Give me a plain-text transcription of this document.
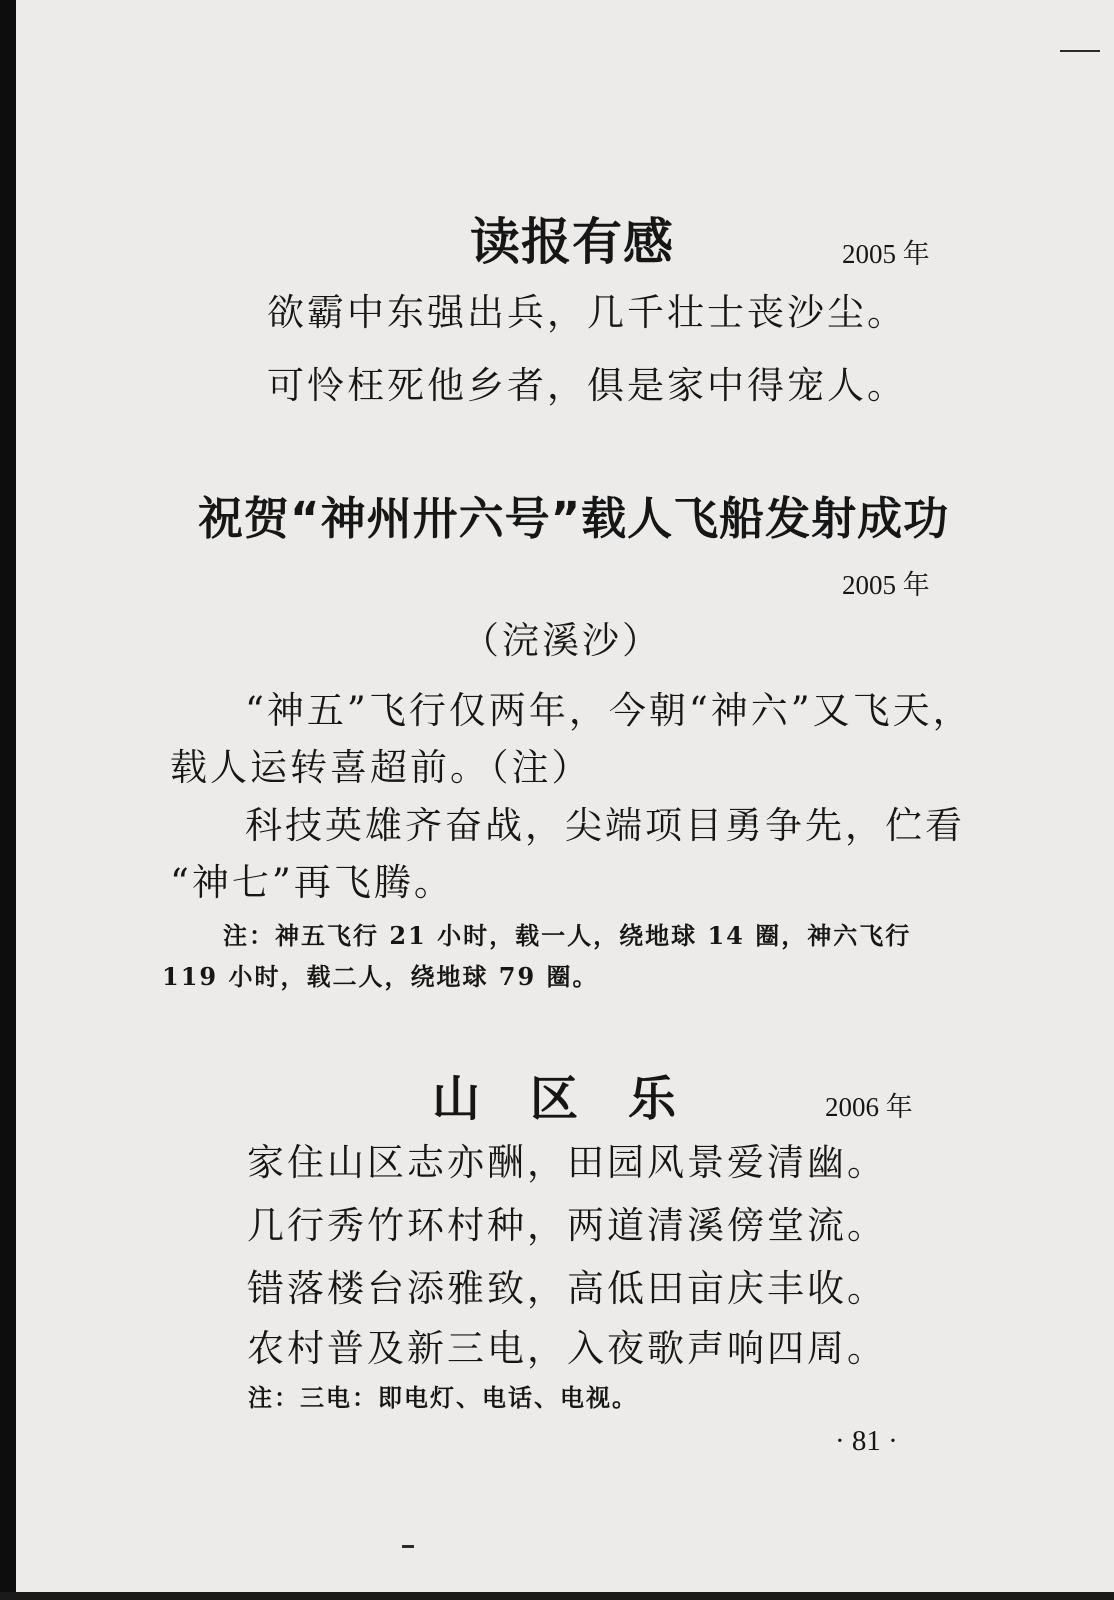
读报有感	2005 年
欲霸中东强出兵，几千壮士丧沙尘。
可怜枉死他乡者，俱是家中得宠人。
祝贺“神州卅六号”载人飞船发射成功
2005 年
（浣溪沙）
“神五”飞行仅两年，今朝“神六”又飞天，
载人运转喜超前。（注）
科技英雄齐奋战，尖端项目勇争先，伫看
“神七”再飞腾。
注：神五飞行 21 小时，载一人，绕地球 14 圈，神六飞行
119 小时，载二人，绕地球 79 圈。
山　区　乐	2006 年
家住山区志亦酬，田园风景爱清幽。
几行秀竹环村种，两道清溪傍堂流。
错落楼台添雅致，高低田亩庆丰收。
农村普及新三电，入夜歌声响四周。
注：三电：即电灯、电话、电视。
· 81 ·
